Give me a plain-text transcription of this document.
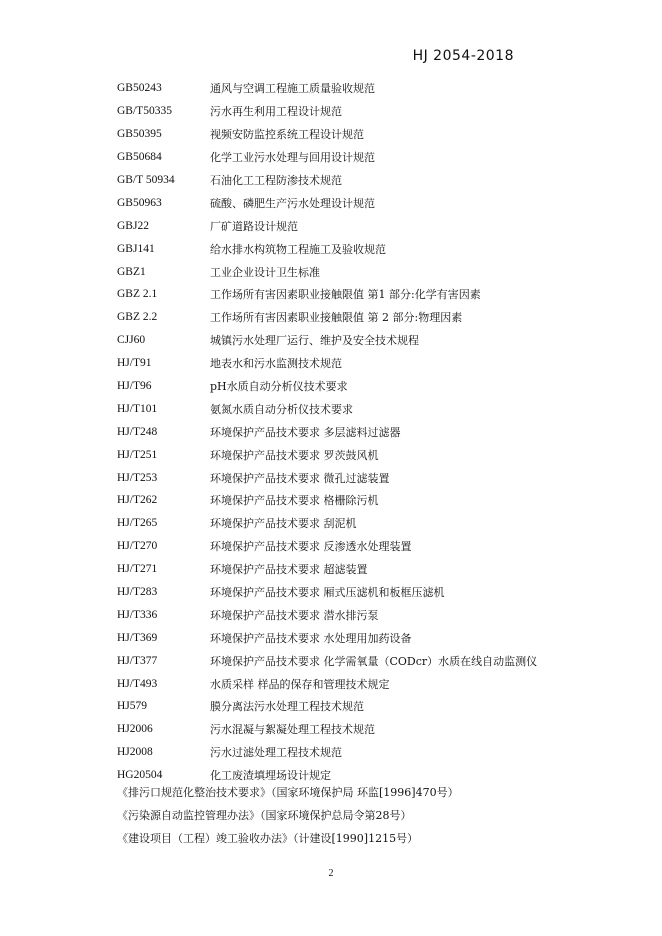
HJ 2054-2018
GB50243	通风与空调工程施工质量验收规范
GB/T50335	污水再生利用工程设计规范
GB50395	视频安防监控系统工程设计规范
GB50684	化学工业污水处理与回用设计规范
GB/T 50934	石油化工工程防渗技术规范
GB50963	硫酸、磷肥生产污水处理设计规范
GBJ22	厂矿道路设计规范
GBJ141	给水排水构筑物工程施工及验收规范
GBZ1	工业企业设计卫生标准
GBZ 2.1	工作场所有害因素职业接触限值 第1 部分:化学有害因素
GBZ 2.2	工作场所有害因素职业接触限值 第 2 部分:物理因素
CJJ60	城镇污水处理厂运行、维护及安全技术规程
HJ/T91	地表水和污水监测技术规范
HJ/T96	pH水质自动分析仪技术要求
HJ/T101	氨氮水质自动分析仪技术要求
HJ/T248	环境保护产品技术要求 多层滤料过滤器
HJ/T251	环境保护产品技术要求 罗茨鼓风机
HJ/T253	环境保护产品技术要求 微孔过滤装置
HJ/T262	环境保护产品技术要求 格栅除污机
HJ/T265	环境保护产品技术要求 刮泥机
HJ/T270	环境保护产品技术要求 反渗透水处理装置
HJ/T271	环境保护产品技术要求 超滤装置
HJ/T283	环境保护产品技术要求 厢式压滤机和板框压滤机
HJ/T336	环境保护产品技术要求 潜水排污泵
HJ/T369	环境保护产品技术要求 水处理用加药设备
HJ/T377	环境保护产品技术要求 化学需氧量（CODcr）水质在线自动监测仪
HJ/T493	水质采样 样品的保存和管理技术规定
HJ579	膜分离法污水处理工程技术规范
HJ2006	污水混凝与絮凝处理工程技术规范
HJ2008	污水过滤处理工程技术规范
HG20504	化工废渣填埋场设计规定
《排污口规范化整治技术要求》（国家环境保护局 环监[1996]470号）
《污染源自动监控管理办法》（国家环境保护总局令第28号）
《建设项目（工程）竣工验收办法》（计建设[1990]1215号）
2
